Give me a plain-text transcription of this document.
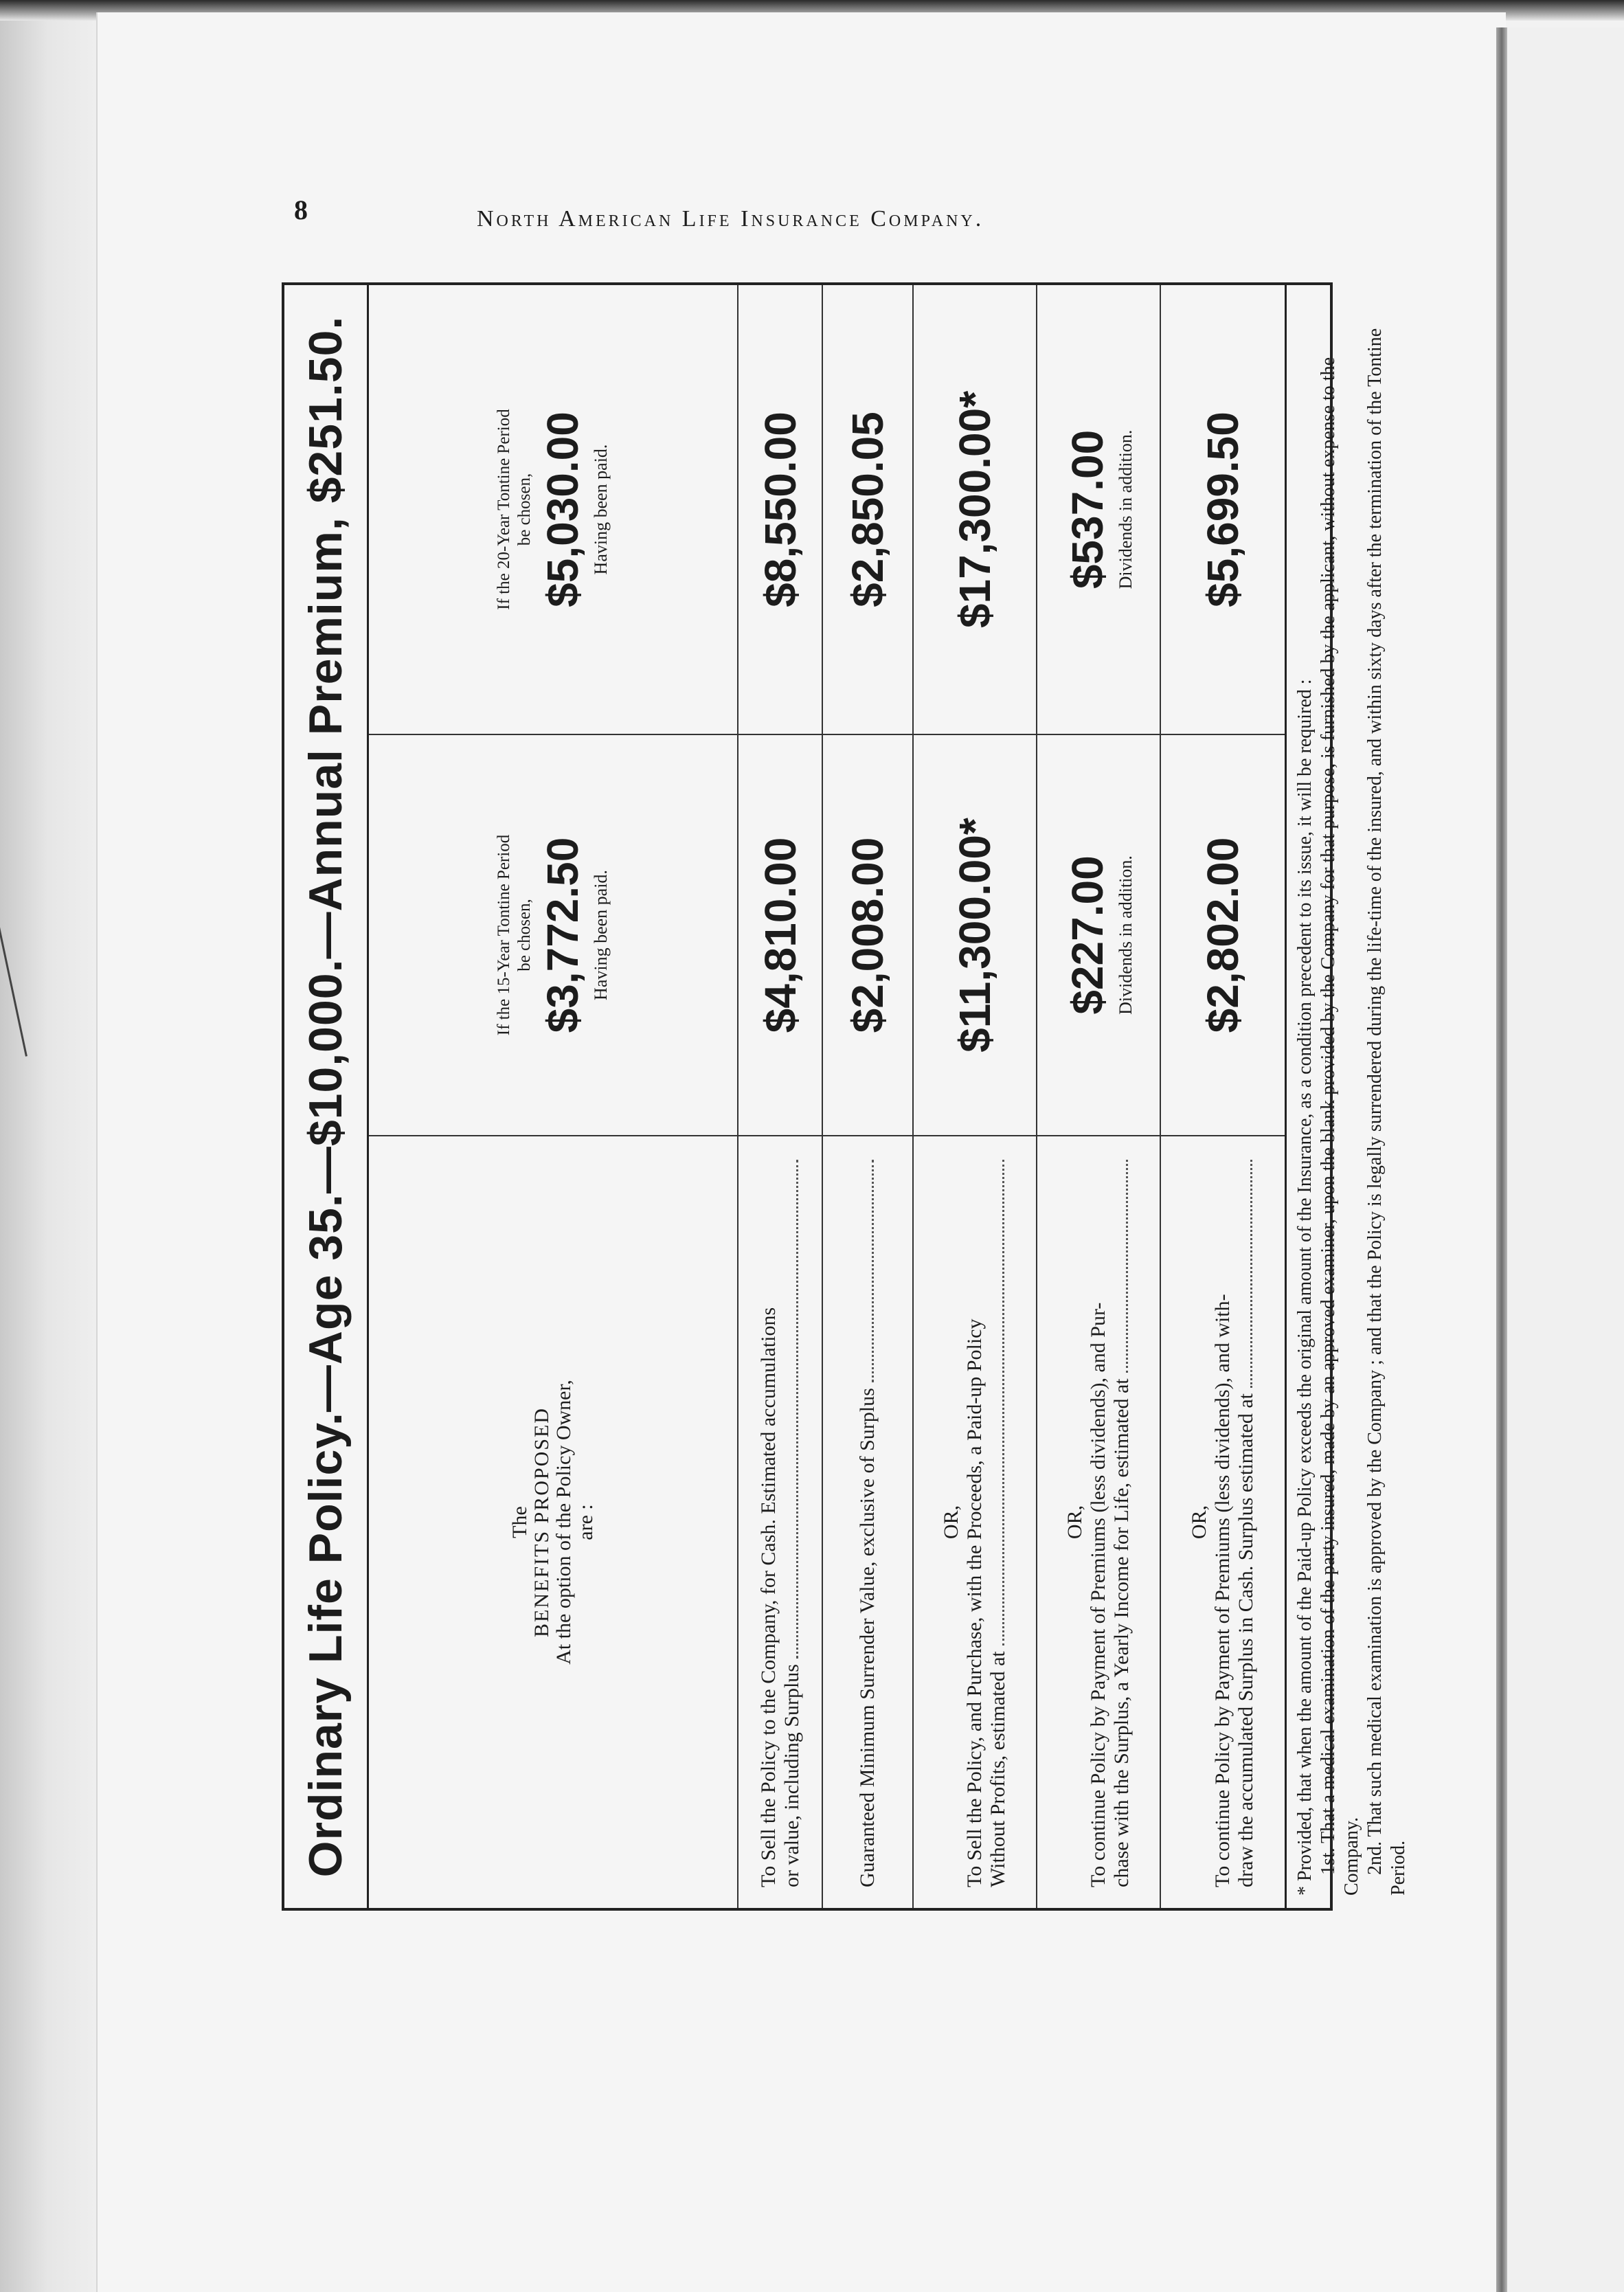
8	North American Life Insurance Company.
Ordinary Life Policy.—Age 35.—$10,000.—Annual Premium, $251.50.	The BENEFITS PROPOSED At the option of the Policy Owner, are :
If the 15-Year Tontine Period be chosen, $3,772.50 Having been paid.
If the 20-Year Tontine Period be chosen, $5,030.00 Having been paid.
To Sell the Policy to the Company, for Cash. Estimated accumulations or value, including Surplus
$4,810.00
$8,550.00
Guaranteed Minimum Surrender Value, exclusive of Surplus
$2,008.00
$2,850.05
OR, To Sell the Policy, and Purchase, with the Proceeds, a Paid-up Policy Without Profits, estimated at
$11,300.00*
$17,300.00*
OR, To continue Policy by Payment of Premiums (less dividends), and Pur- chase with the Surplus, a Yearly Income for Life, estimated at
$227.00 Dividends in addition.
$537.00 Dividends in addition.
OR, To continue Policy by Payment of Premiums (less dividends), and with- draw the accumulated Surplus in Cash. Surplus estimated at
$2,802.00
$5,699.50

* Provided, that when the amount of the Paid-up Policy exceeds the original amount of the Insurance, as a condition precedent to its issue, it will be required : 1st. That a medical examination of the party insured, made by an approved examiner, upon the blank provided by the Company for that purpose, is furnished by the applicant, without expense to the Company. 2nd. That such medical examination is approved by the Company ; and that the Policy is legally surrendered during the life-time of the insured, and within sixty days after the termination of the Tontine Period.
